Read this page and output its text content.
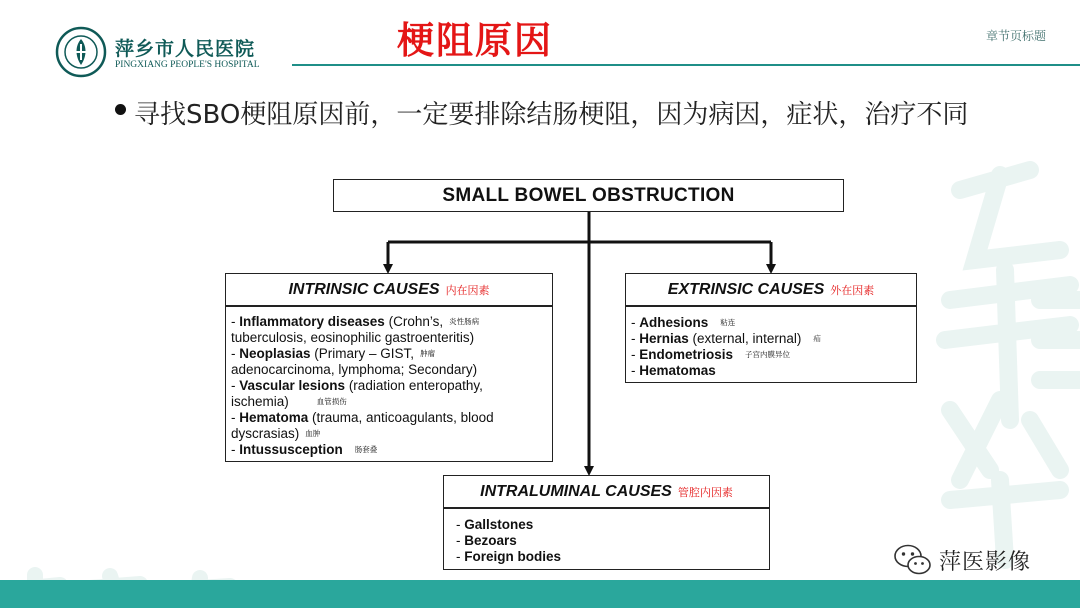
萍乡市人民医院
PINGXIANG PEOPLE'S HOSPITAL
梗阻原因	章节页标题
寻找SBO梗阻原因前，一定要排除结肠梗阻，因为病因，症状，治疗不同
SMALL BOWEL OBSTRUCTION
INTRINSIC CAUSES 内在因素
- Inflammatory diseases (Crohn’s, 炎性肠病
tuberculosis, eosinophilic gastroenteritis)
- Neoplasias (Primary – GIST, 肿瘤
adenocarcinoma, lymphoma; Secondary)
- Vascular lesions (radiation enteropathy,
ischemia)	血管损伤
- Hematoma (trauma, anticoagulants, blood
dyscrasias) 血肿
- Intussusception 肠套叠
EXTRINSIC CAUSES 外在因素
- Adhesions 粘连
- Hernias (external, internal) 疝
- Endometriosis 子宫内膜异位
- Hematomas
INTRALUMINAL CAUSES 管腔内因素
- Gallstones
- Bezoars
- Foreign bodies	萍医影像
